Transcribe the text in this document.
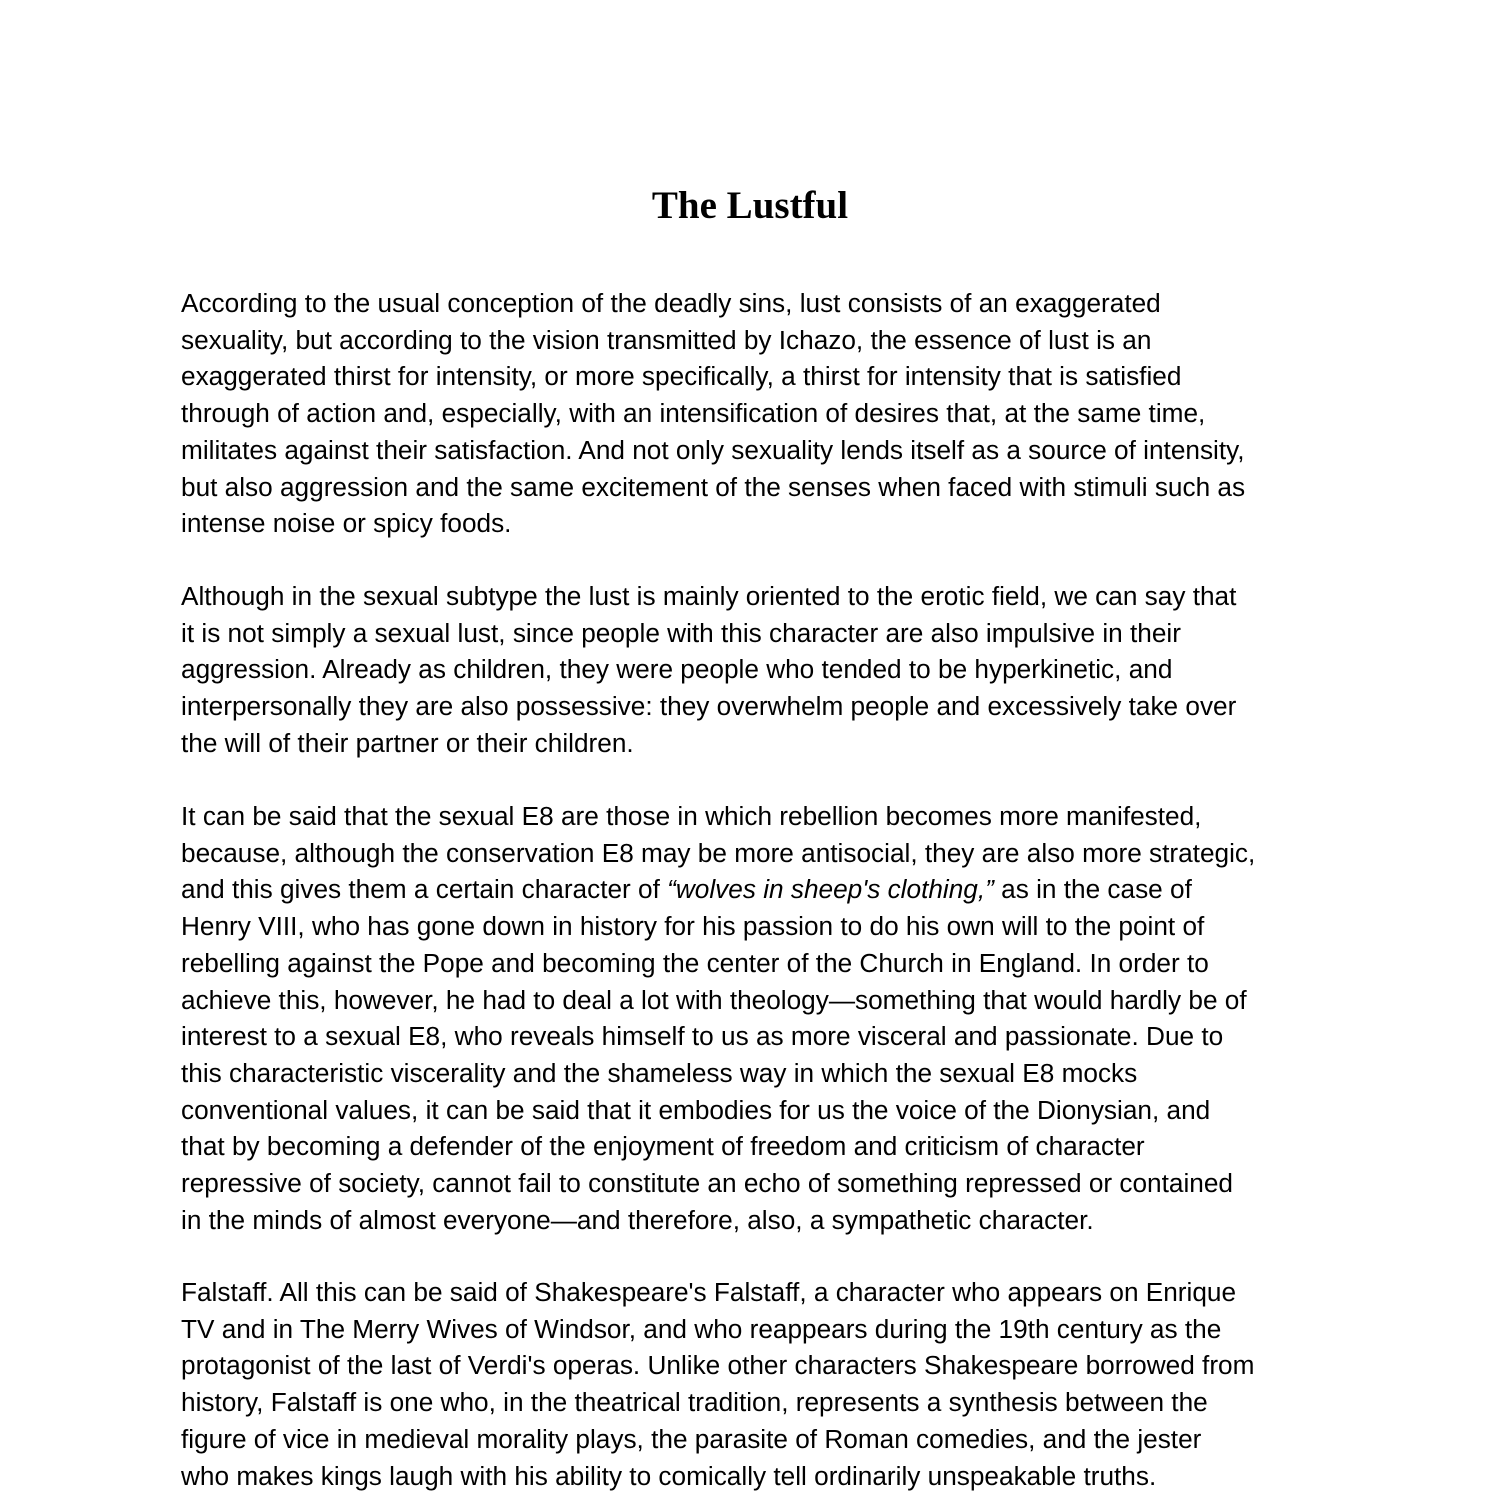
The Lustful
According to the usual conception of the deadly sins, lust consists of an exaggerated
sexuality, but according to the vision transmitted by Ichazo, the essence of lust is an
exaggerated thirst for intensity, or more specifically, a thirst for intensity that is satisfied
through of action and, especially, with an intensification of desires that, at the same time,
militates against their satisfaction. And not only sexuality lends itself as a source of intensity,
but also aggression and the same excitement of the senses when faced with stimuli such as
intense noise or spicy foods.
Although in the sexual subtype the lust is mainly oriented to the erotic field, we can say that
it is not simply a sexual lust, since people with this character are also impulsive in their
aggression. Already as children, they were people who tended to be hyperkinetic, and
interpersonally they are also possessive: they overwhelm people and excessively take over
the will of their partner or their children.
It can be said that the sexual E8 are those in which rebellion becomes more manifested,
because, although the conservation E8 may be more antisocial, they are also more strategic,
and this gives them a certain character of “wolves in sheep's clothing,” as in the case of
Henry VIII, who has gone down in history for his passion to do his own will to the point of
rebelling against the Pope and becoming the center of the Church in England. In order to
achieve this, however, he had to deal a lot with theology—something that would hardly be of
interest to a sexual E8, who reveals himself to us as more visceral and passionate. Due to
this characteristic viscerality and the shameless way in which the sexual E8 mocks
conventional values, it can be said that it embodies for us the voice of the Dionysian, and
that by becoming a defender of the enjoyment of freedom and criticism of character
repressive of society, cannot fail to constitute an echo of something repressed or contained
in the minds of almost everyone—and therefore, also, a sympathetic character.
Falstaff. All this can be said of Shakespeare's Falstaff, a character who appears on Enrique
TV and in The Merry Wives of Windsor, and who reappears during the 19th century as the
protagonist of the last of Verdi's operas. Unlike other characters Shakespeare borrowed from
history, Falstaff is one who, in the theatrical tradition, represents a synthesis between the
figure of vice in medieval morality plays, the parasite of Roman comedies, and the jester
who makes kings laugh with his ability to comically tell ordinarily unspeakable truths.
